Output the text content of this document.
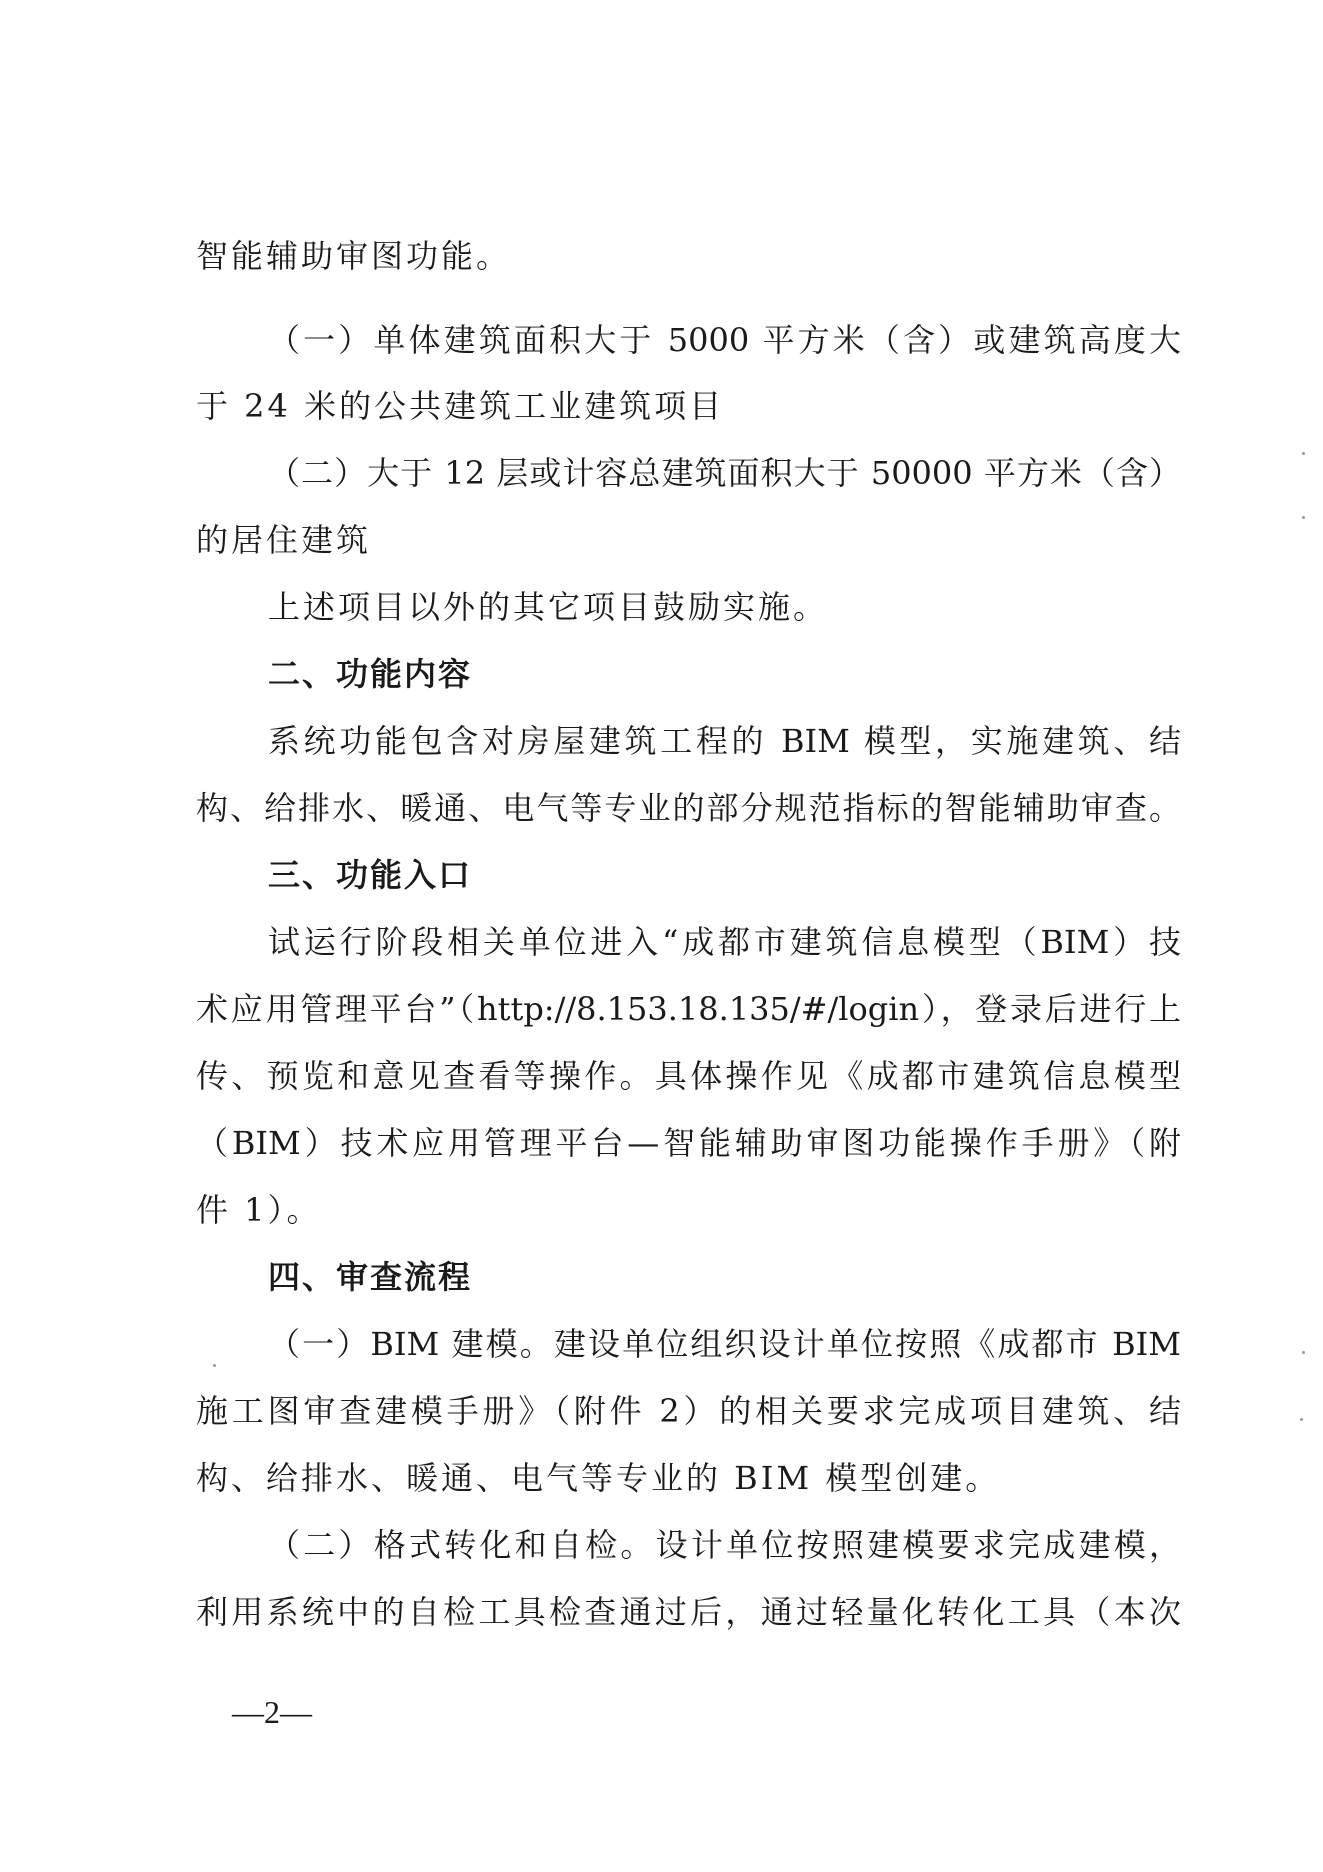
智能辅助审图功能。
（一）单体建筑面积大于 5000 平方米（含）或建筑高度大
于 24 米的公共建筑工业建筑项目
（二）大于 12 层或计容总建筑面积大于 50000 平方米（含）
的居住建筑
上述项目以外的其它项目鼓励实施。
二、功能内容
系统功能包含对房屋建筑工程的 BIM 模型，实施建筑、结
构、给排水、暖通、电气等专业的部分规范指标的智能辅助审查。
三、功能入口
试运行阶段相关单位进入“成都市建筑信息模型（BIM）技
术应用管理平台”（http://8.153.18.135/#/login），登录后进行上
传、预览和意见查看等操作。具体操作见《成都市建筑信息模型
（BIM）技术应用管理平台—智能辅助审图功能操作手册》（附
件 1）。
四、审查流程
（一）BIM 建模。建设单位组织设计单位按照《成都市 BIM
施工图审查建模手册》（附件 2）的相关要求完成项目建筑、结
构、给排水、暖通、电气等专业的 BIM 模型创建。
（二）格式转化和自检。设计单位按照建模要求完成建模，
利用系统中的自检工具检查通过后，通过轻量化转化工具（本次
—2—
